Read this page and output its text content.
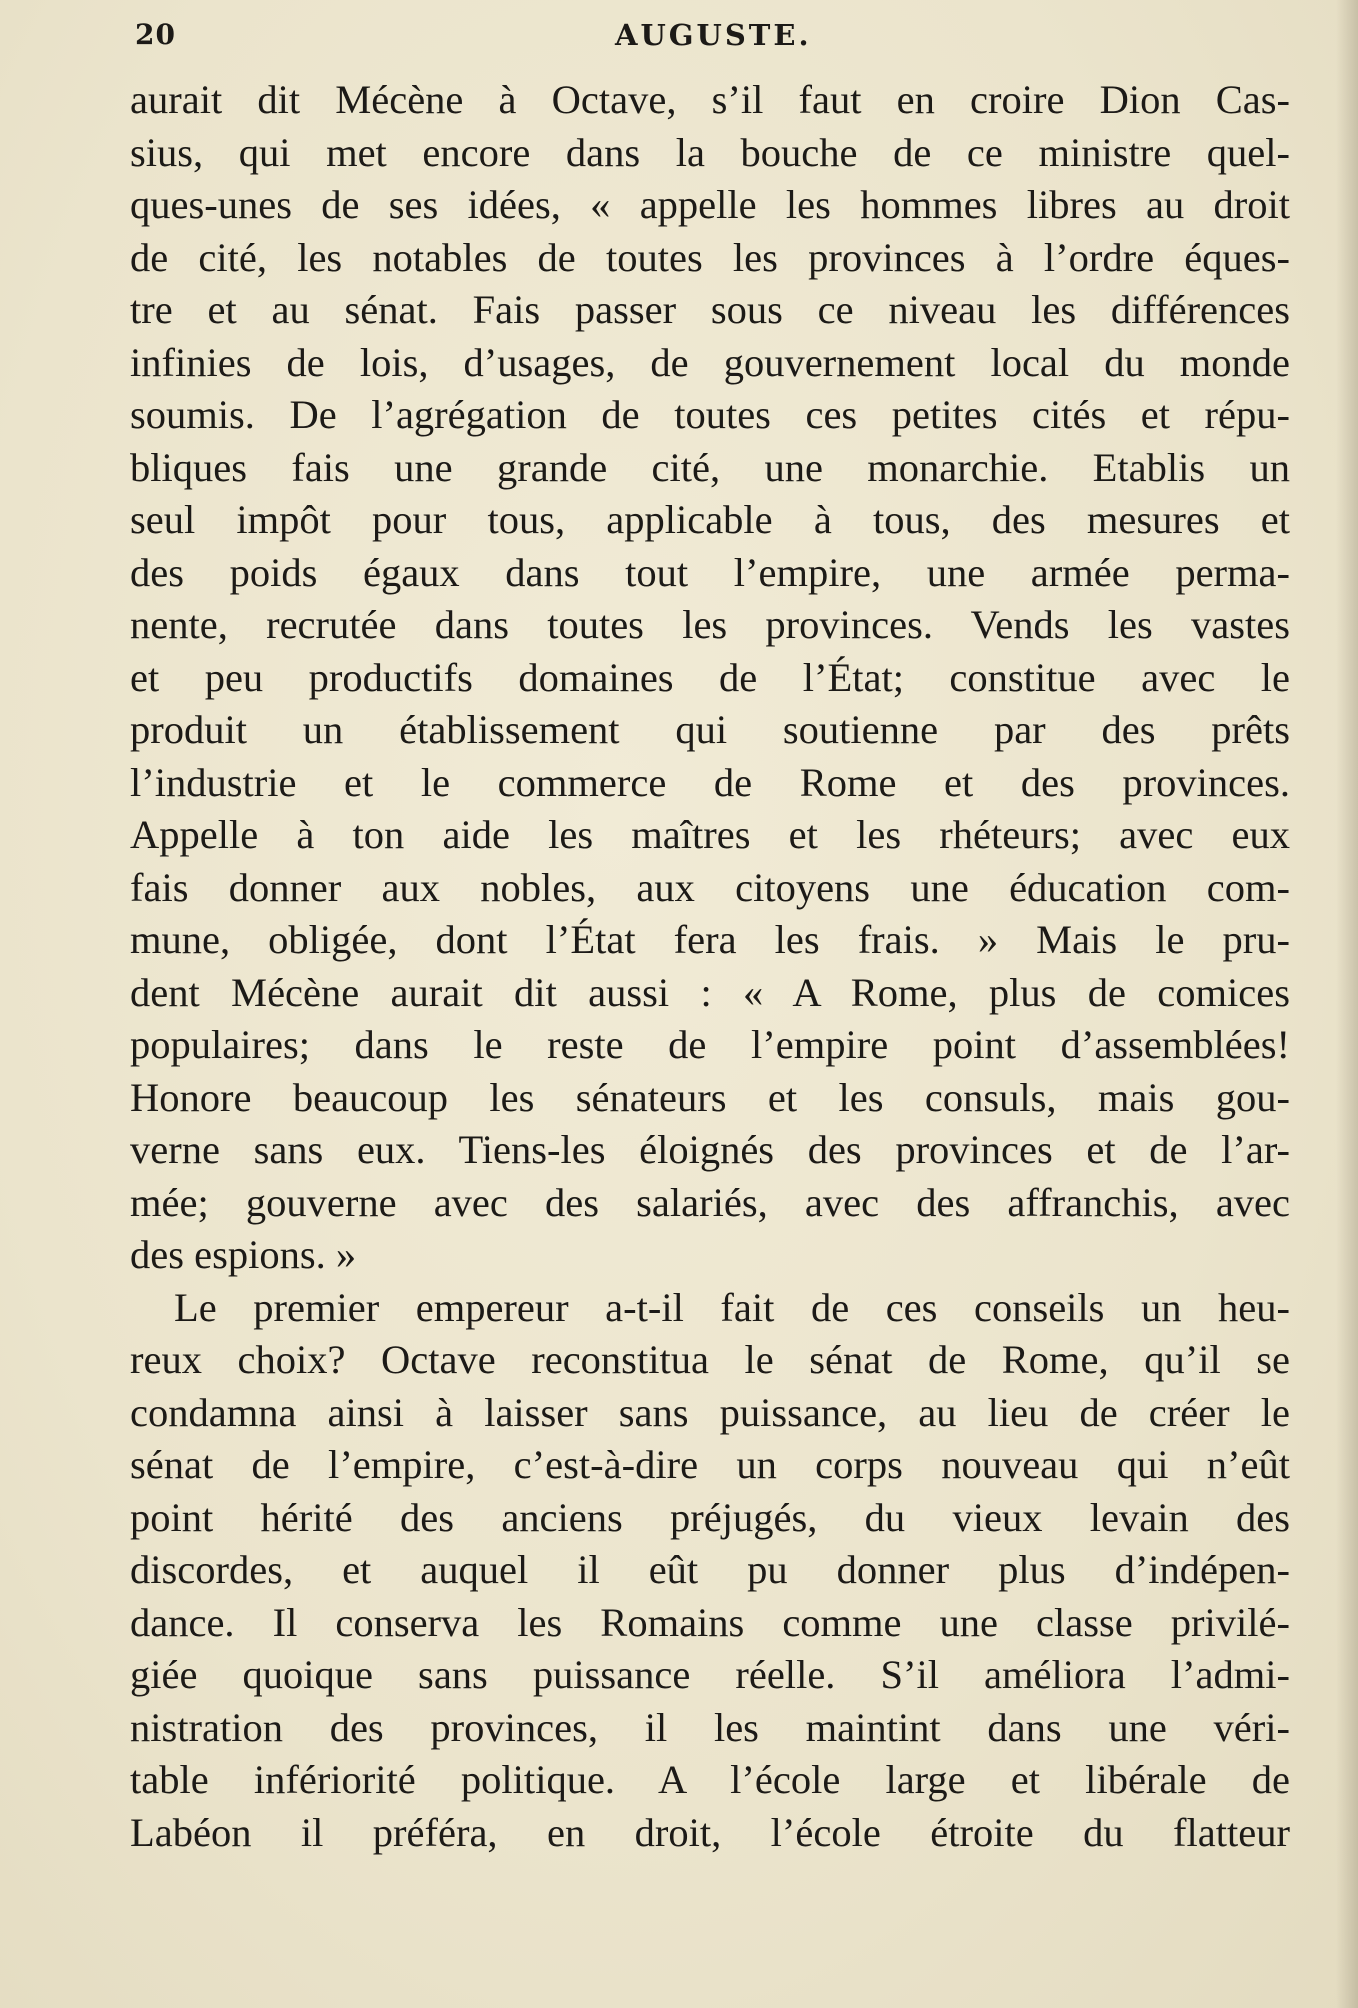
20	AUGUSTE.
aurait dit Mécène à Octave, s’il faut en croire Dion Cas-
sius, qui met encore dans la bouche de ce ministre quel-
ques-unes de ses idées, « appelle les hommes libres au droit
de cité, les notables de toutes les provinces à l’ordre éques-
tre et au sénat. Fais passer sous ce niveau les différences
infinies de lois, d’usages, de gouvernement local du monde
soumis. De l’agrégation de toutes ces petites cités et répu-
bliques fais une grande cité, une monarchie. Etablis un
seul impôt pour tous, applicable à tous, des mesures et
des poids égaux dans tout l’empire, une armée perma-
nente, recrutée dans toutes les provinces. Vends les vastes
et peu productifs domaines de l’État; constitue avec le
produit un établissement qui soutienne par des prêts
l’industrie et le commerce de Rome et des provinces.
Appelle à ton aide les maîtres et les rhéteurs; avec eux
fais donner aux nobles, aux citoyens une éducation com-
mune, obligée, dont l’État fera les frais. » Mais le pru-
dent Mécène aurait dit aussi : « A Rome, plus de comices
populaires; dans le reste de l’empire point d’assemblées!
Honore beaucoup les sénateurs et les consuls, mais gou-
verne sans eux. Tiens-les éloignés des provinces et de l’ar-
mée; gouverne avec des salariés, avec des affranchis, avec
des espions. »
Le premier empereur a-t-il fait de ces conseils un heu-
reux choix? Octave reconstitua le sénat de Rome, qu’il se
condamna ainsi à laisser sans puissance, au lieu de créer le
sénat de l’empire, c’est-à-dire un corps nouveau qui n’eût
point hérité des anciens préjugés, du vieux levain des
discordes, et auquel il eût pu donner plus d’indépen-
dance. Il conserva les Romains comme une classe privilé-
giée quoique sans puissance réelle. S’il améliora l’admi-
nistration des provinces, il les maintint dans une véri-
table infériorité politique. A l’école large et libérale de
Labéon il préféra, en droit, l’école étroite du flatteur
